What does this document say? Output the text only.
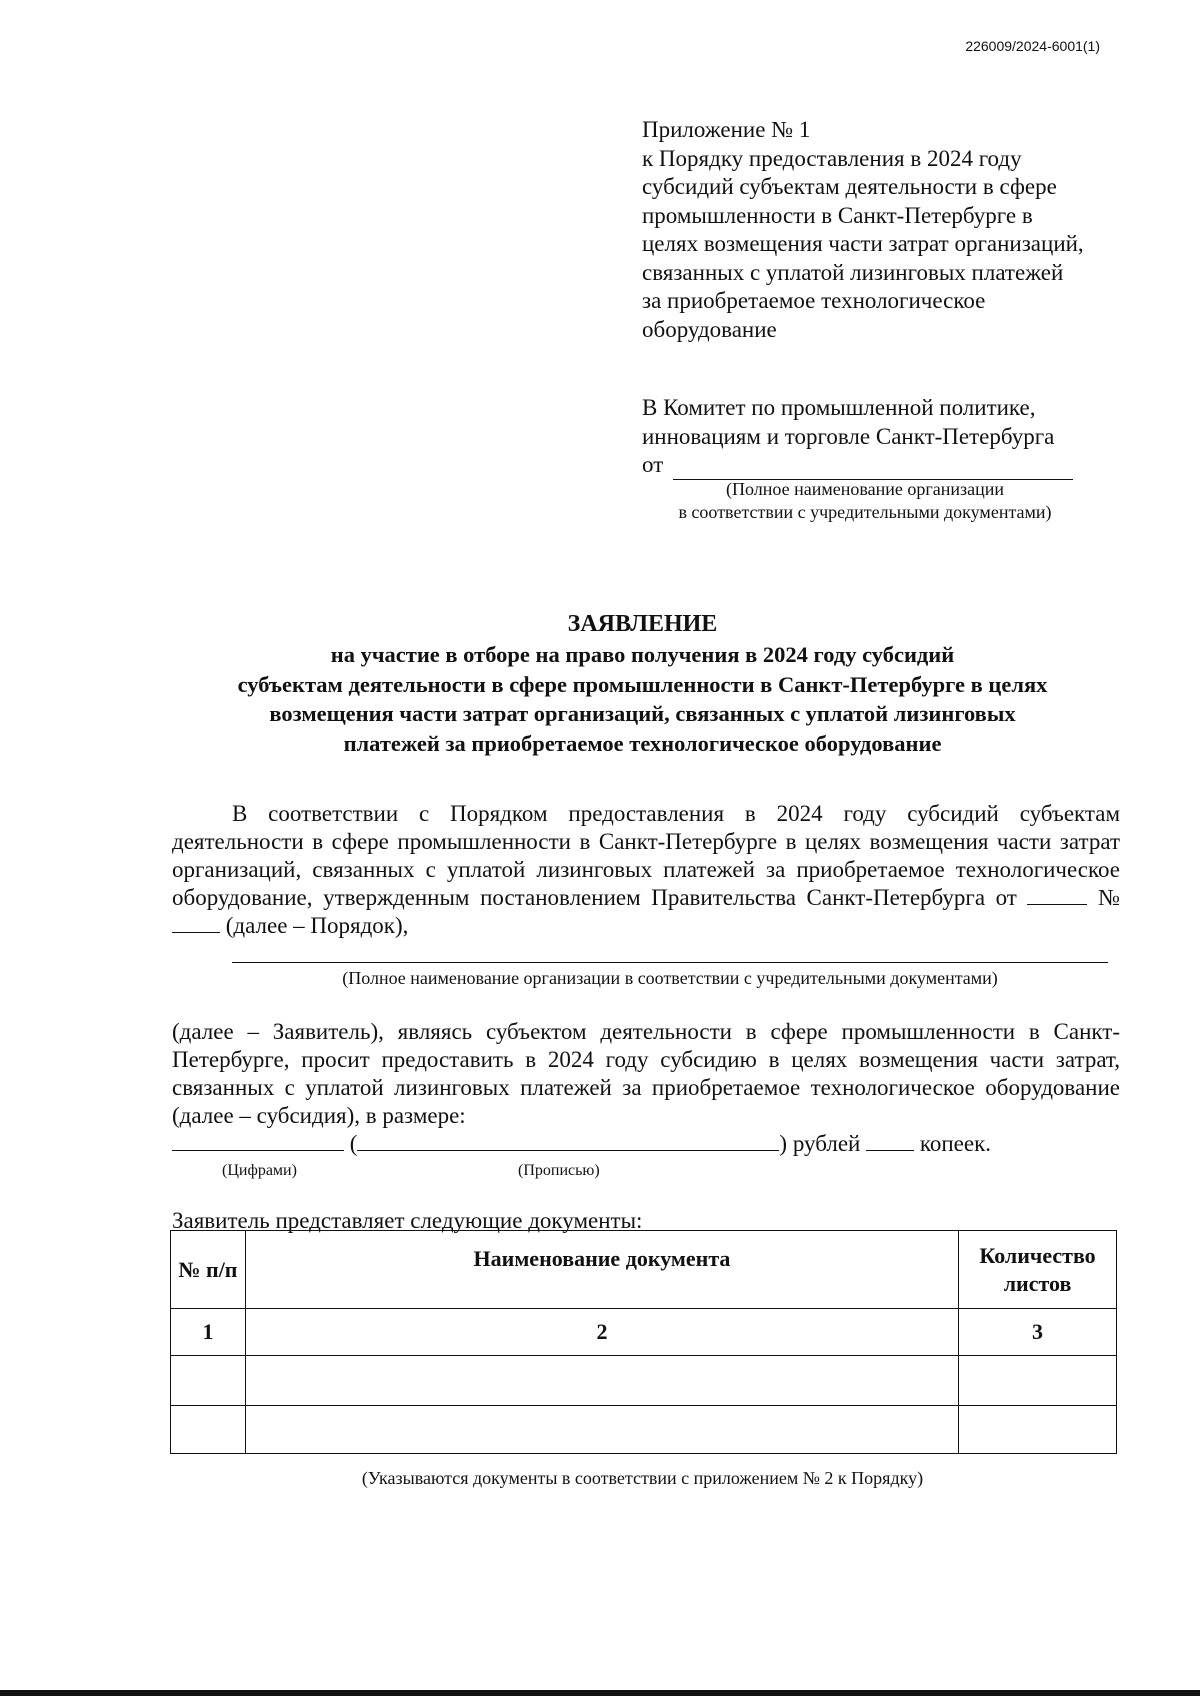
226009/2024-6001(1)
Приложение № 1
к Порядку предоставления в 2024 году
субсидий субъектам деятельности в сфере
промышленности в Санкт-Петербурге в
целях возмещения части затрат организаций,
связанных с уплатой лизинговых платежей
за приобретаемое технологическое
оборудование
В Комитет по промышленной политике,
инновациям и торговле Санкт-Петербурга
от
(Полное наименование организации
в соответствии с учредительными документами)
ЗАЯВЛЕНИЕ
на участие в отборе на право получения в 2024 году субсидий
субъектам деятельности в сфере промышленности в Санкт-Петербурге в целях
возмещения части затрат организаций, связанных с уплатой лизинговых
платежей за приобретаемое технологическое оборудование
В соответствии с Порядком предоставления в 2024 году субсидий субъектам деятельности в сфере промышленности в Санкт-Петербурге в целях возмещения части затрат организаций, связанных с уплатой лизинговых платежей за приобретаемое технологическое оборудование, утвержденным постановлением Правительства Санкт-Петербурга от	№  (далее – Порядок),
(Полное наименование организации в соответствии с учредительными документами)
(далее – Заявитель), являясь субъектом деятельности в сфере промышленности в Санкт-Петербурге, просит предоставить в 2024 году субсидию в целях возмещения части затрат, связанных с уплатой лизинговых платежей за приобретаемое технологическое оборудование (далее – субсидия), в размере:
(	) рублей	копеек.
(Цифрами)	(Прописью)
Заявитель представляет следующие документы:
№ п/п	Наименование документа	Количество листов
1	2	3

(Указываются документы в соответствии с приложением № 2 к Порядку)
